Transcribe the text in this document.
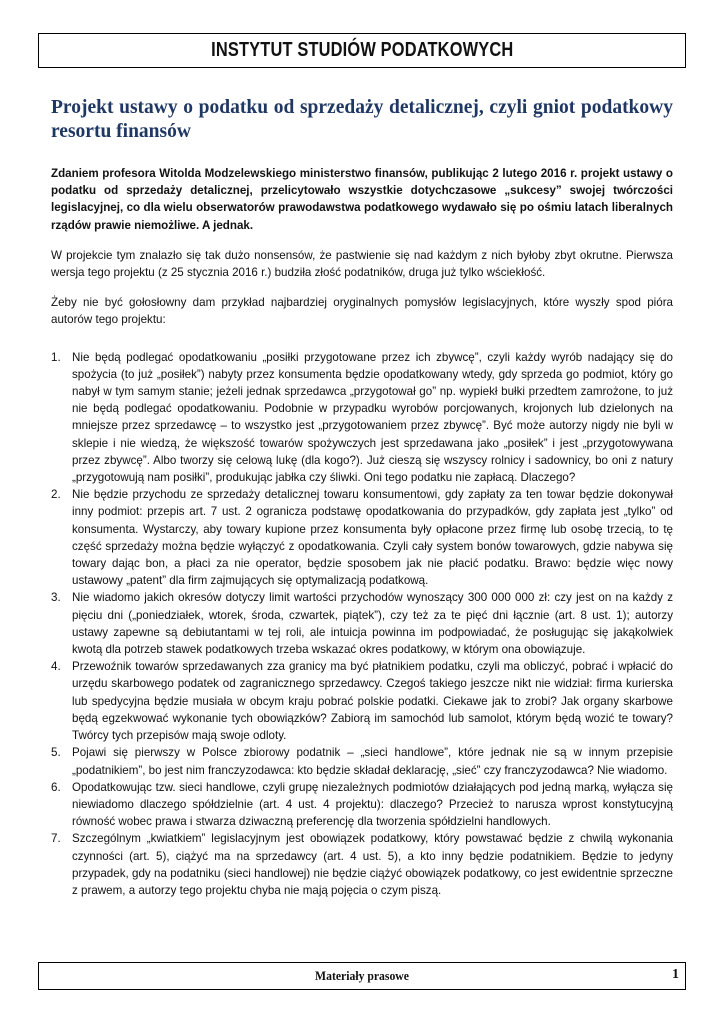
INSTYTUT STUDIÓW PODATKOWYCH
Projekt ustawy o podatku od sprzedaży detalicznej, czyli gniot podatkowy resortu finansów

Zdaniem profesora Witolda Modzelewskiego ministerstwo finansów, publikując 2 lutego 2016 r. projekt ustawy o podatku od sprzedaży detalicznej, przelicytowało wszystkie dotychczasowe „sukcesy” swojej twórczości legislacyjnej, co dla wielu obserwatorów prawodawstwa podatkowego wydawało się po ośmiu latach liberalnych rządów prawie niemożliwe. A jednak.

W projekcie tym znalazło się tak dużo nonsensów, że pastwienie się nad każdym z nich byłoby zbyt okrutne. Pierwsza wersja tego projektu (z 25 stycznia 2016 r.) budziła złość podatników, druga już tylko wściekłość.

Żeby nie być gołosłowny dam przykład najbardziej oryginalnych pomysłów legislacyjnych, które wyszły spod pióra autorów tego projektu:

1. Nie będą podlegać opodatkowaniu „posiłki przygotowane przez ich zbywcę”, czyli każdy wyrób nadający się do spożycia (to już „posiłek”) nabyty przez konsumenta będzie opodatkowany wtedy, gdy sprzeda go podmiot, który go nabył w tym samym stanie; jeżeli jednak sprzedawca „przygotował go” np. wypiekł bułki przedtem zamrożone, to już nie będą podlegać opodatkowaniu. Podobnie w przypadku wyrobów porcjowanych, krojonych lub dzielonych na mniejsze przez sprzedawcę – to wszystko jest „przygotowaniem przez zbywcę”. Być może autorzy nigdy nie byli w sklepie i nie wiedzą, że większość towarów spożywczych jest sprzedawana jako „posiłek” i jest „przygotowywana przez zbywcę”. Albo tworzy się celową lukę (dla kogo?). Już cieszą się wszyscy rolnicy i sadownicy, bo oni z natury „przygotowują nam posiłki”, produkując jabłka czy śliwki. Oni tego podatku nie zapłacą. Dlaczego?
2. Nie będzie przychodu ze sprzedaży detalicznej towaru konsumentowi, gdy zapłaty za ten towar będzie dokonywał inny podmiot: przepis art. 7 ust. 2 ogranicza podstawę opodatkowania do przypadków, gdy zapłata jest „tylko” od konsumenta. Wystarczy, aby towary kupione przez konsumenta były opłacone przez firmę lub osobę trzecią, to tę część sprzedaży można będzie wyłączyć z opodatkowania. Czyli cały system bonów towarowych, gdzie nabywa się towary dając bon, a płaci za nie operator, będzie sposobem jak nie płacić podatku. Brawo: będzie więc nowy ustawowy „patent” dla firm zajmujących się optymalizacją podatkową.
3. Nie wiadomo jakich okresów dotyczy limit wartości przychodów wynoszący 300 000 000 zł: czy jest on na każdy z pięciu dni („poniedziałek, wtorek, środa, czwartek, piątek”), czy też za te pięć dni łącznie (art. 8 ust. 1); autorzy ustawy zapewne są debiutantami w tej roli, ale intuicja powinna im podpowiadać, że posługując się jakąkolwiek kwotą dla potrzeb stawek podatkowych trzeba wskazać okres podatkowy, w którym ona obowiązuje.
4. Przewoźnik towarów sprzedawanych zza granicy ma być płatnikiem podatku, czyli ma obliczyć, pobrać i wpłacić do urzędu skarbowego podatek od zagranicznego sprzedawcy. Czegoś takiego jeszcze nikt nie widział: firma kurierska lub spedycyjna będzie musiała w obcym kraju pobrać polskie podatki. Ciekawe jak to zrobi? Jak organy skarbowe będą egzekwować wykonanie tych obowiązków? Zabiorą im samochód lub samolot, którym będą wozić te towary? Twórcy tych przepisów mają swoje odloty.
5. Pojawi się pierwszy w Polsce zbiorowy podatnik – „sieci handlowe”, które jednak nie są w innym przepisie „podatnikiem”, bo jest nim franczyzodawca: kto będzie składał deklarację, „sieć” czy franczyzodawca? Nie wiadomo.
6. Opodatkowując tzw. sieci handlowe, czyli grupę niezależnych podmiotów działających pod jedną marką, wyłącza się niewiadomo dlaczego spółdzielnie (art. 4 ust. 4 projektu): dlaczego? Przecież to narusza wprost konstytucyjną równość wobec prawa i stwarza dziwaczną preferencję dla tworzenia spółdzielni handlowych.
7. Szczególnym „kwiatkiem” legislacyjnym jest obowiązek podatkowy, który powstawać będzie z chwilą wykonania czynności (art. 5), ciążyć ma na sprzedawcy (art. 4 ust. 5), a kto inny będzie podatnikiem. Będzie to jedyny przypadek, gdy na podatniku (sieci handlowej) nie będzie ciążyć obowiązek podatkowy, co jest ewidentnie sprzeczne z prawem, a autorzy tego projektu chyba nie mają pojęcia o czym piszą.
Materiały prasowe	1
